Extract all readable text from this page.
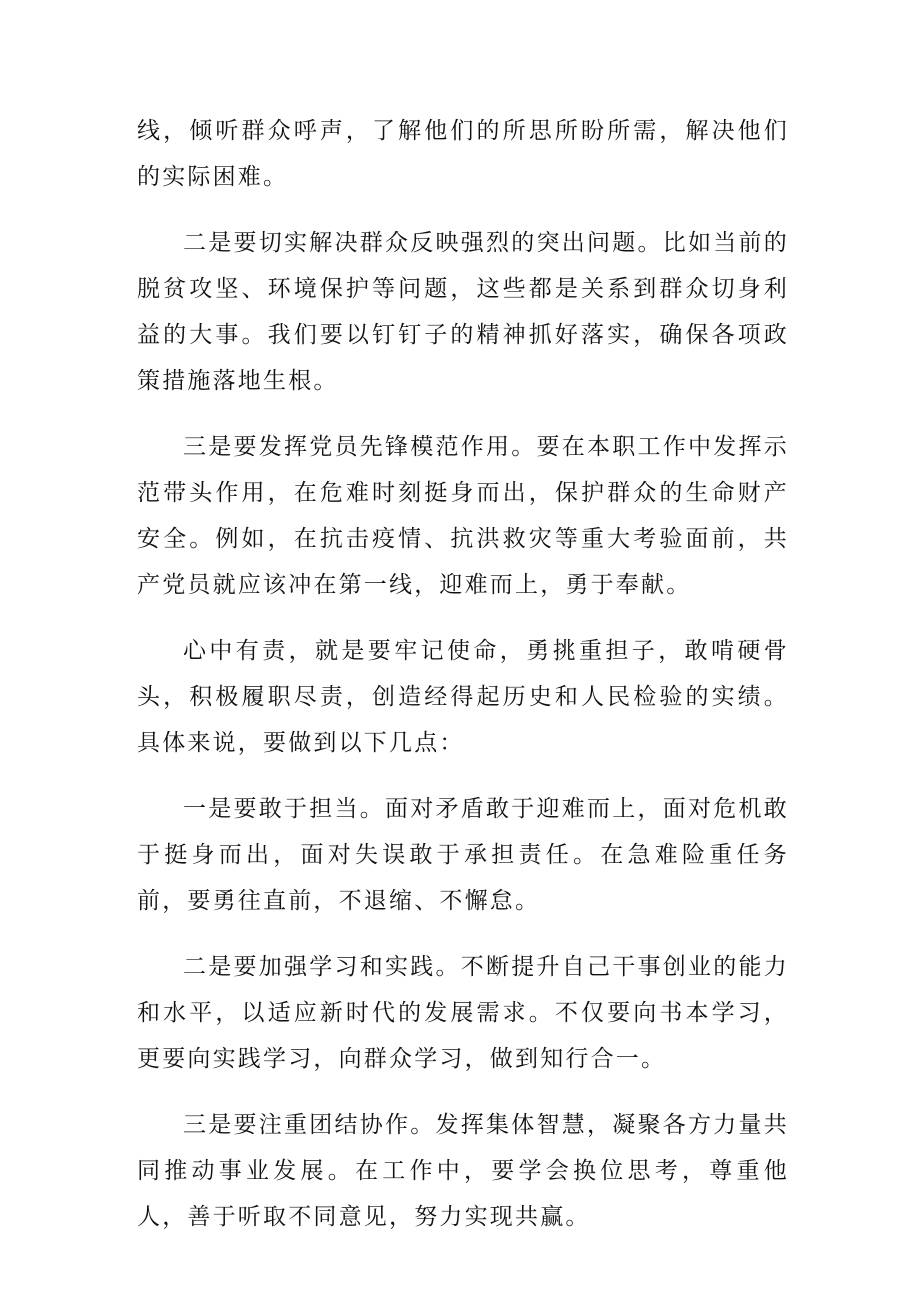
线，倾听群众呼声，了解他们的所思所盼所需，解决他们的实际困难。

二是要切实解决群众反映强烈的突出问题。比如当前的脱贫攻坚、环境保护等问题，这些都是关系到群众切身利益的大事。我们要以钉钉子的精神抓好落实，确保各项政策措施落地生根。

三是要发挥党员先锋模范作用。要在本职工作中发挥示范带头作用，在危难时刻挺身而出，保护群众的生命财产安全。例如，在抗击疫情、抗洪救灾等重大考验面前，共产党员就应该冲在第一线，迎难而上，勇于奉献。

心中有责，就是要牢记使命，勇挑重担子，敢啃硬骨头，积极履职尽责，创造经得起历史和人民检验的实绩。具体来说，要做到以下几点：

一是要敢于担当。面对矛盾敢于迎难而上，面对危机敢于挺身而出，面对失误敢于承担责任。在急难险重任务前，要勇往直前，不退缩、不懈怠。

二是要加强学习和实践。不断提升自己干事创业的能力和水平，以适应新时代的发展需求。不仅要向书本学习，更要向实践学习，向群众学习，做到知行合一。

三是要注重团结协作。发挥集体智慧，凝聚各方力量共同推动事业发展。在工作中，要学会换位思考，尊重他人，善于听取不同意见，努力实现共赢。
